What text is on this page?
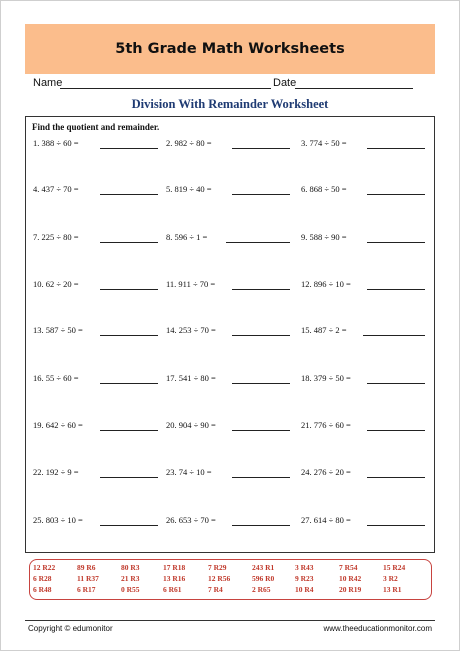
5th Grade Math Worksheets
Name	Date
Division With Remainder Worksheet
Find the quotient and remainder.
1. 388 ÷ 60 =	2. 982 ÷ 80 =	3. 774 ÷ 50 =
4. 437 ÷ 70 =	5. 819 ÷ 40 =	6. 868 ÷ 50 =
7. 225 ÷ 80 =	8. 596 ÷ 1 =	9. 588 ÷ 90 =
10. 62 ÷ 20 =	11. 911 ÷ 70 =	12. 896 ÷ 10 =
13. 587 ÷ 50 =	14. 253 ÷ 70 =	15. 487 ÷ 2 =
16. 55 ÷ 60 =	17. 541 ÷ 80 =	18. 379 ÷ 50 =
19. 642 ÷ 60 =	20. 904 ÷ 90 =	21. 776 ÷ 60 =
22. 192 ÷ 9 =	23. 74 ÷ 10 =	24. 276 ÷ 20 =
25. 803 ÷ 10 =	26. 653 ÷ 70 =	27. 614 ÷ 80 =
12 R22	89 R6	80 R3	17 R18	7 R29	243 R1	3 R43	7 R54	15 R24
6 R28	11 R37	21 R3	13 R16	12 R56	596 R0	9 R23	10 R42	3 R2
6 R48	6 R17	0 R55	6 R61	7 R4	2 R65	10 R4	20 R19	13 R1
Copyright © edumonitor	www.theeducationmonitor.com
